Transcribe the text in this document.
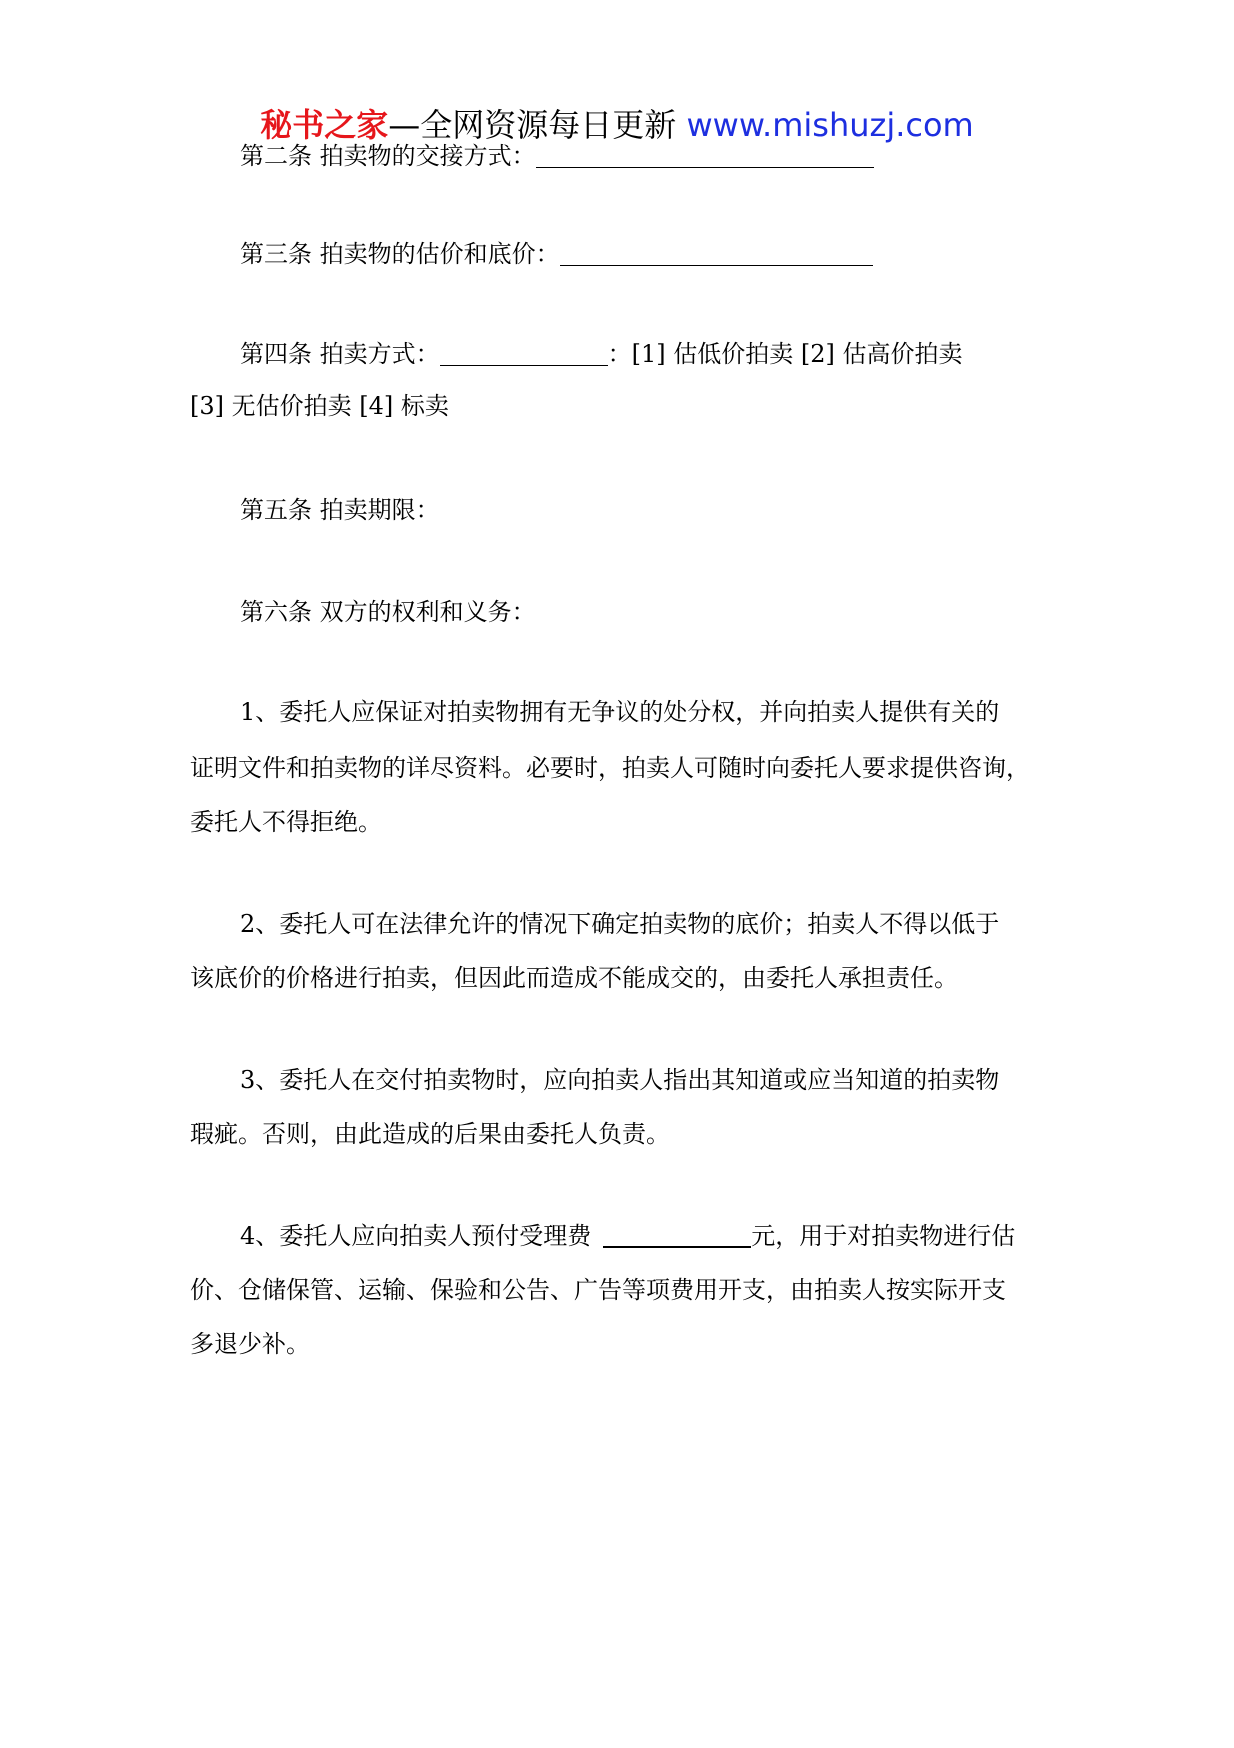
秘书之家—全网资源每日更新 www.mishuzj.com
第二条 拍卖物的交接方式：
第三条 拍卖物的估价和底价：
第四条 拍卖方式：	：[1] 估低价拍卖 [2] 估高价拍卖
[3] 无估价拍卖 [4] 标卖
第五条 拍卖期限：
第六条 双方的权利和义务：
1、委托人应保证对拍卖物拥有无争议的处分权，并向拍卖人提供有关的
证明文件和拍卖物的详尽资料。必要时，拍卖人可随时向委托人要求提供咨询，
委托人不得拒绝。
2、委托人可在法律允许的情况下确定拍卖物的底价；拍卖人不得以低于
该底价的价格进行拍卖，但因此而造成不能成交的，由委托人承担责任。
3、委托人在交付拍卖物时，应向拍卖人指出其知道或应当知道的拍卖物
瑕疵。否则，由此造成的后果由委托人负责。
4、委托人应向拍卖人预付受理费	元，用于对拍卖物进行估
价、仓储保管、运输、保验和公告、广告等项费用开支，由拍卖人按实际开支
多退少补。
